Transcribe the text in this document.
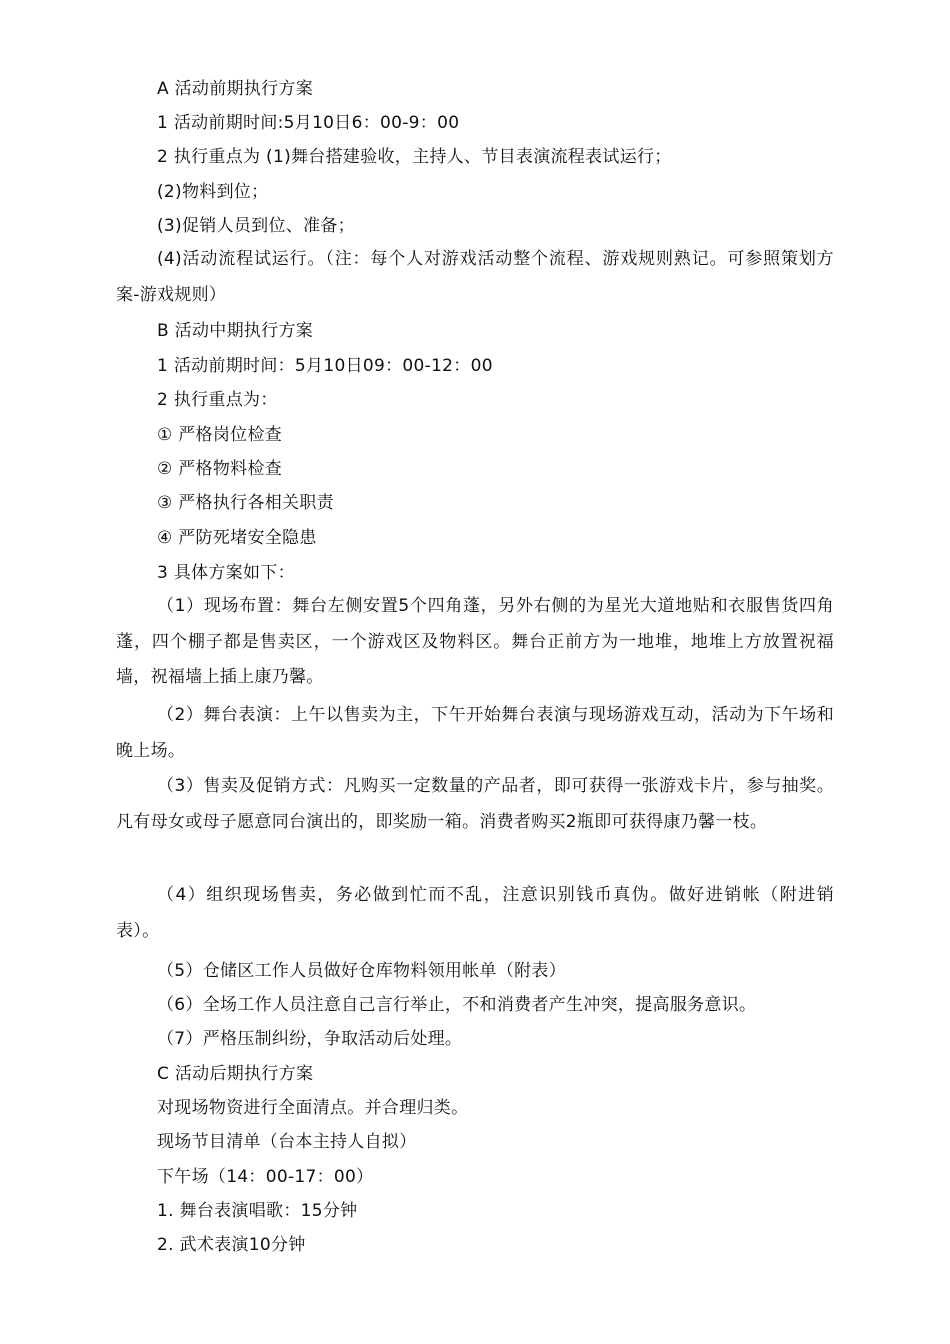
A 活动前期执行方案
1 活动前期时间:5月10日6：00-9：00
2 执行重点为 (1)舞台搭建验收，主持人、节目表演流程表试运行；
(2)物料到位；
(3)促销人员到位、准备；
(4)活动流程试运行。（注：每个人对游戏活动整个流程、游戏规则熟记。可参照策划方案-游戏规则）
B 活动中期执行方案
1 活动前期时间：5月10日09：00-12：00
2 执行重点为：
① 严格岗位检查
② 严格物料检查
③ 严格执行各相关职责
④ 严防死堵安全隐患
3 具体方案如下：
（1）现场布置：舞台左侧安置5个四角蓬，另外右侧的为星光大道地贴和衣服售货四角蓬，四个棚子都是售卖区，一个游戏区及物料区。舞台正前方为一地堆，地堆上方放置祝福墙，祝福墙上插上康乃馨。
（2）舞台表演：上午以售卖为主，下午开始舞台表演与现场游戏互动，活动为下午场和晚上场。
（3）售卖及促销方式：凡购买一定数量的产品者，即可获得一张游戏卡片，参与抽奖。凡有母女或母子愿意同台演出的，即奖励一箱。消费者购买2瓶即可获得康乃馨一枝。
（4）组织现场售卖，务必做到忙而不乱，注意识别钱币真伪。做好进销帐（附进销表）。
（5）仓储区工作人员做好仓库物料领用帐单（附表）
（6）全场工作人员注意自己言行举止，不和消费者产生冲突，提高服务意识。
（7）严格压制纠纷，争取活动后处理。
C 活动后期执行方案
对现场物资进行全面清点。并合理归类。
现场节目清单（台本主持人自拟）
下午场（14：00-17：00）
1. 舞台表演唱歌：15分钟
2. 武术表演10分钟
